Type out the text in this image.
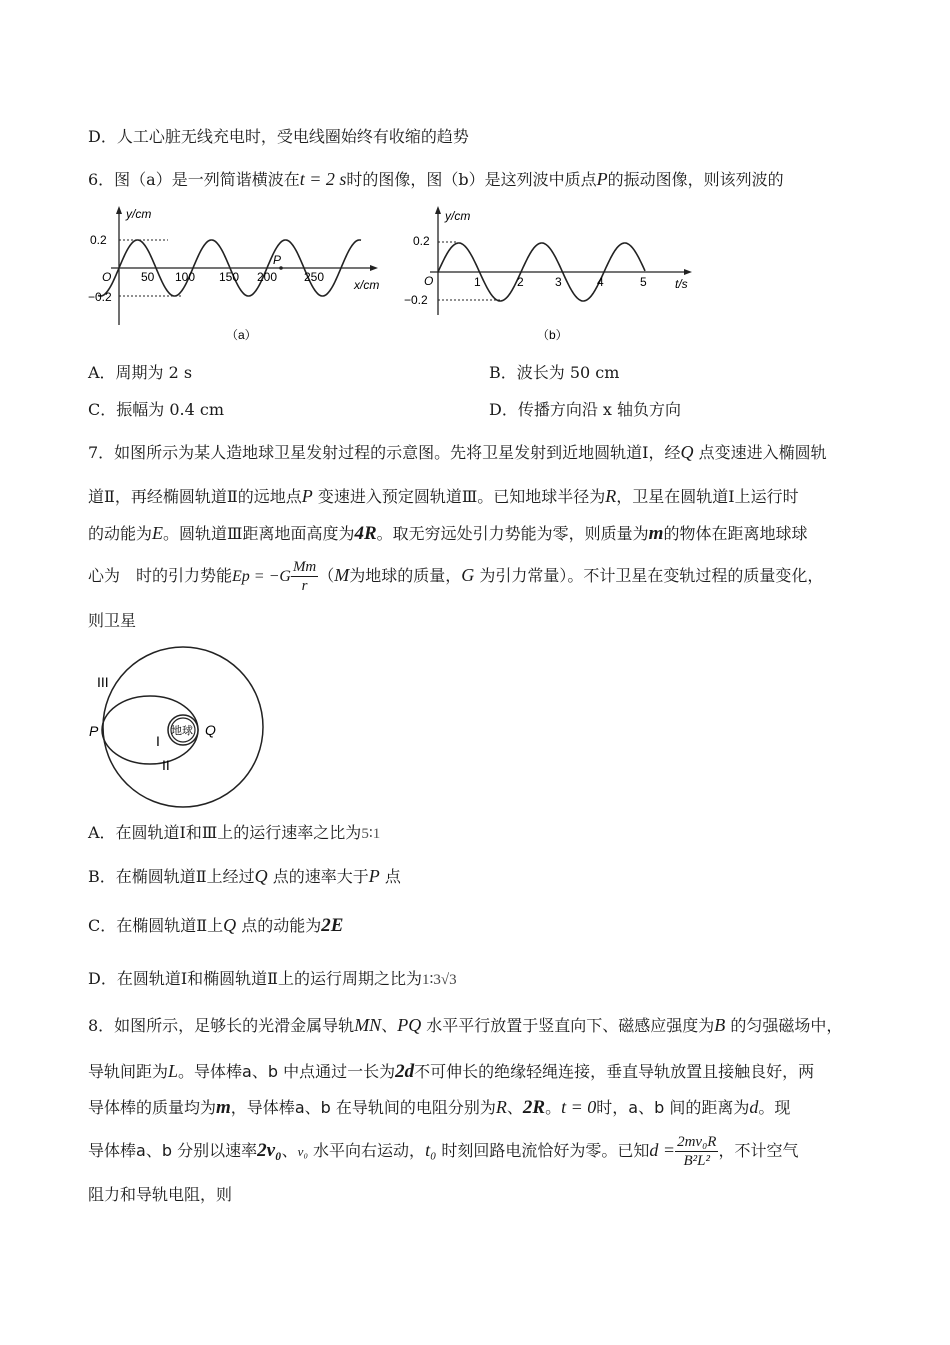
D．人工心脏无线充电时，受电线圈始终有收缩的趋势
6．图（a）是一列简谐横波在t = 2 s时的图像，图（b）是这列波中质点P的振动图像，则该列波的
y/cm
0.2
−0.2
O 50 100 150 200 250
P
x/cm
（a）
y/cm
0.2
−0.2
O	1	2	3	4	5 t/s
（b）
A．周期为 2 s	B．波长为 50 cm
C．振幅为 0.4 cm	D．传播方向沿 x 轴负方向
7．如图所示为某人造地球卫星发射过程的示意图。先将卫星发射到近地圆轨道Ⅰ，经Q 点变速进入椭圆轨
道Ⅱ，再经椭圆轨道Ⅱ的远地点P 变速进入预定圆轨道Ⅲ。已知地球半径为R，卫星在圆轨道Ⅰ上运行时
的动能为E。圆轨道Ⅲ距离地面高度为4R。取无穷远处引力势能为零，则质量为m的物体在距离地球球
心为　时的引力势能$Ep = -G \frac{Mm}{r} (M$为地球的质量，G 为引力常量）。不计卫星在变轨过程的质量变化，
则卫星
地球
III
P	Q
I
II
A．在圆轨道Ⅰ和Ⅲ上的运行速率之比为5∶1
B．在椭圆轨道Ⅱ上经过Q 点的速率大于P 点
C．在椭圆轨道Ⅱ上Q 点的动能为2E
D．在圆轨道Ⅰ和椭圆轨道Ⅱ上的运行周期之比为1∶3√3
8．如图所示，足够长的光滑金属导轨MN、PQ 水平平行放置于竖直向下、磁感应强度为B 的匀强磁场中，
导轨间距为L。导体棒a、b 中点通过一长为2d不可伸长的绝缘轻绳连接，垂直导轨放置且接触良好，两
导体棒的质量均为m，导体棒a、b 在导轨间的电阻分别为R、2R。t = 0时，a、b 间的距离为d。现
导体棒a、b 分别以速率2v₀、v₀ 水平向右运动，t₀ 时刻回路电流恰好为零。已知$d = \frac{\text{2mv₀R}}{\text{B²L²}}$ ，不计空气
阻力和导轨电阻，则
